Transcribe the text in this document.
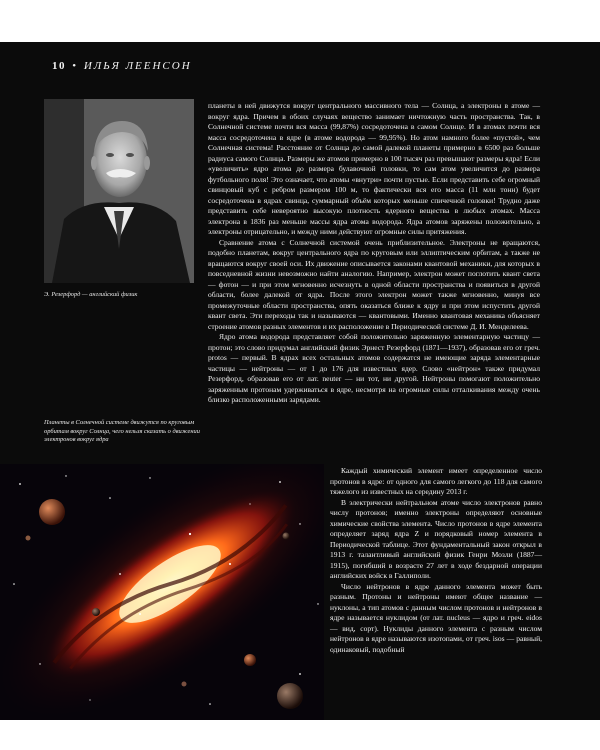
10 • ИЛЬЯ ЛЕЕНСОН
Э. Резерфорд — английский физик
Планеты в Солнечной системе движутся по круговым орбитам вокруг Солнца, чего нельзя сказать о движении электронов вокруг ядра

планеты в ней движутся вокруг центрального массивного тела — Солнца, а электроны в атоме — вокруг ядра. Причем в обоих случаях вещество занимает ничтожную часть пространства. Так, в Солнечной системе почти вся масса (99,87%) сосредоточена в самом Солнце. И в атомах почти вся масса сосредоточена в ядре (в атоме водорода — 99,95%). Но атом намного более «пустой», чем Солнечная система! Расстояние от Солнца до самой далекой планеты примерно в 6500 раз больше радиуса самого Солнца. Размеры же атомов примерно в 100 тысяч раз превышают размеры ядра! Если «увеличить» ядро атома до размера булавочной головки, то сам атом увеличится до размера футбольного поля! Это означает, что атомы «внутри» почти пустые. Если представить себе огромный свинцовый куб с ребром размером 100 м, то фактически вся его масса (11 млн тонн) будет сосредоточена в ядрах свинца, суммарный объём которых меньше спичечной головки! Трудно даже представить себе невероятно высокую плотность ядерного вещества в любых атомах. Масса электрона в 1836 раз меньше массы ядра атома водорода. Ядра атомов заряжены положительно, а электроны отрицательно, и между ними действуют огромные силы притяжения.

Сравнение атома с Солнечной системой очень приблизительное. Электроны не вращаются, подобно планетам, вокруг центрального ядра по круговым или эллиптическим орбитам, а также не вращаются вокруг своей оси. Их движение описывается законами квантовой механики, для которых в повседневной жизни невозможно найти аналогию. Например, электрон может поглотить квант света — фотон — и при этом мгновенно исчезнуть в одной области пространства и появиться в другой области, более далекой от ядра. После этого электрон может также мгновенно, минуя все промежуточные области пространства, опять оказаться ближе к ядру и при этом испустить другой квант света. Эти переходы так и называются — квантовыми. Именно квантовая механика объясняет строение атомов разных элементов и их расположение в Периодической системе Д. И. Менделеева.

Ядро атома водорода представляет собой положительно заряженную элементарную частицу — протон; это слово придумал английский физик Эрнест Резерфорд (1871—1937), образовав его от греч. protos — первый. В ядрах всех остальных атомов содержатся не имеющие заряда элементарные частицы — нейтроны — от 1 до 176 для известных ядер. Слово «нейтрон» также придумал Резерфорд, образовав его от лат. neuter — ни тот, ни другой. Нейтроны помогают положительно заряженным протонам удерживаться в ядре, несмотря на огромные силы отталкивания между очень близко расположенными зарядами.

Каждый химический элемент имеет определенное число протонов в ядре: от одного для самого легкого до 118 для самого тяжелого из известных на середину 2013 г.

В электрически нейтральном атоме число электронов равно числу протонов; именно электроны определяют основные химические свойства элемента. Число протонов в ядре элемента определяет заряд ядра Z и порядковый номер элемента в Периодической таблице. Этот фундаментальный закон открыл в 1913 г. талантливый английский физик Генри Мозли (1887—1915), погибший в возрасте 27 лет в ходе бездарной операции английских войск в Галлиполи.

Число нейтронов в ядре данного элемента может быть разным. Протоны и нейтроны имеют общее название — нуклоны, а тип атомов с данным числом протонов и нейтронов в ядре называется нуклидом (от лат. nucleus — ядро и греч. eidos — вид, сорт). Нуклиды данного элемента с разным числом нейтронов в ядре называются изотопами, от греч. isos — равный, одинаковый, подобный
